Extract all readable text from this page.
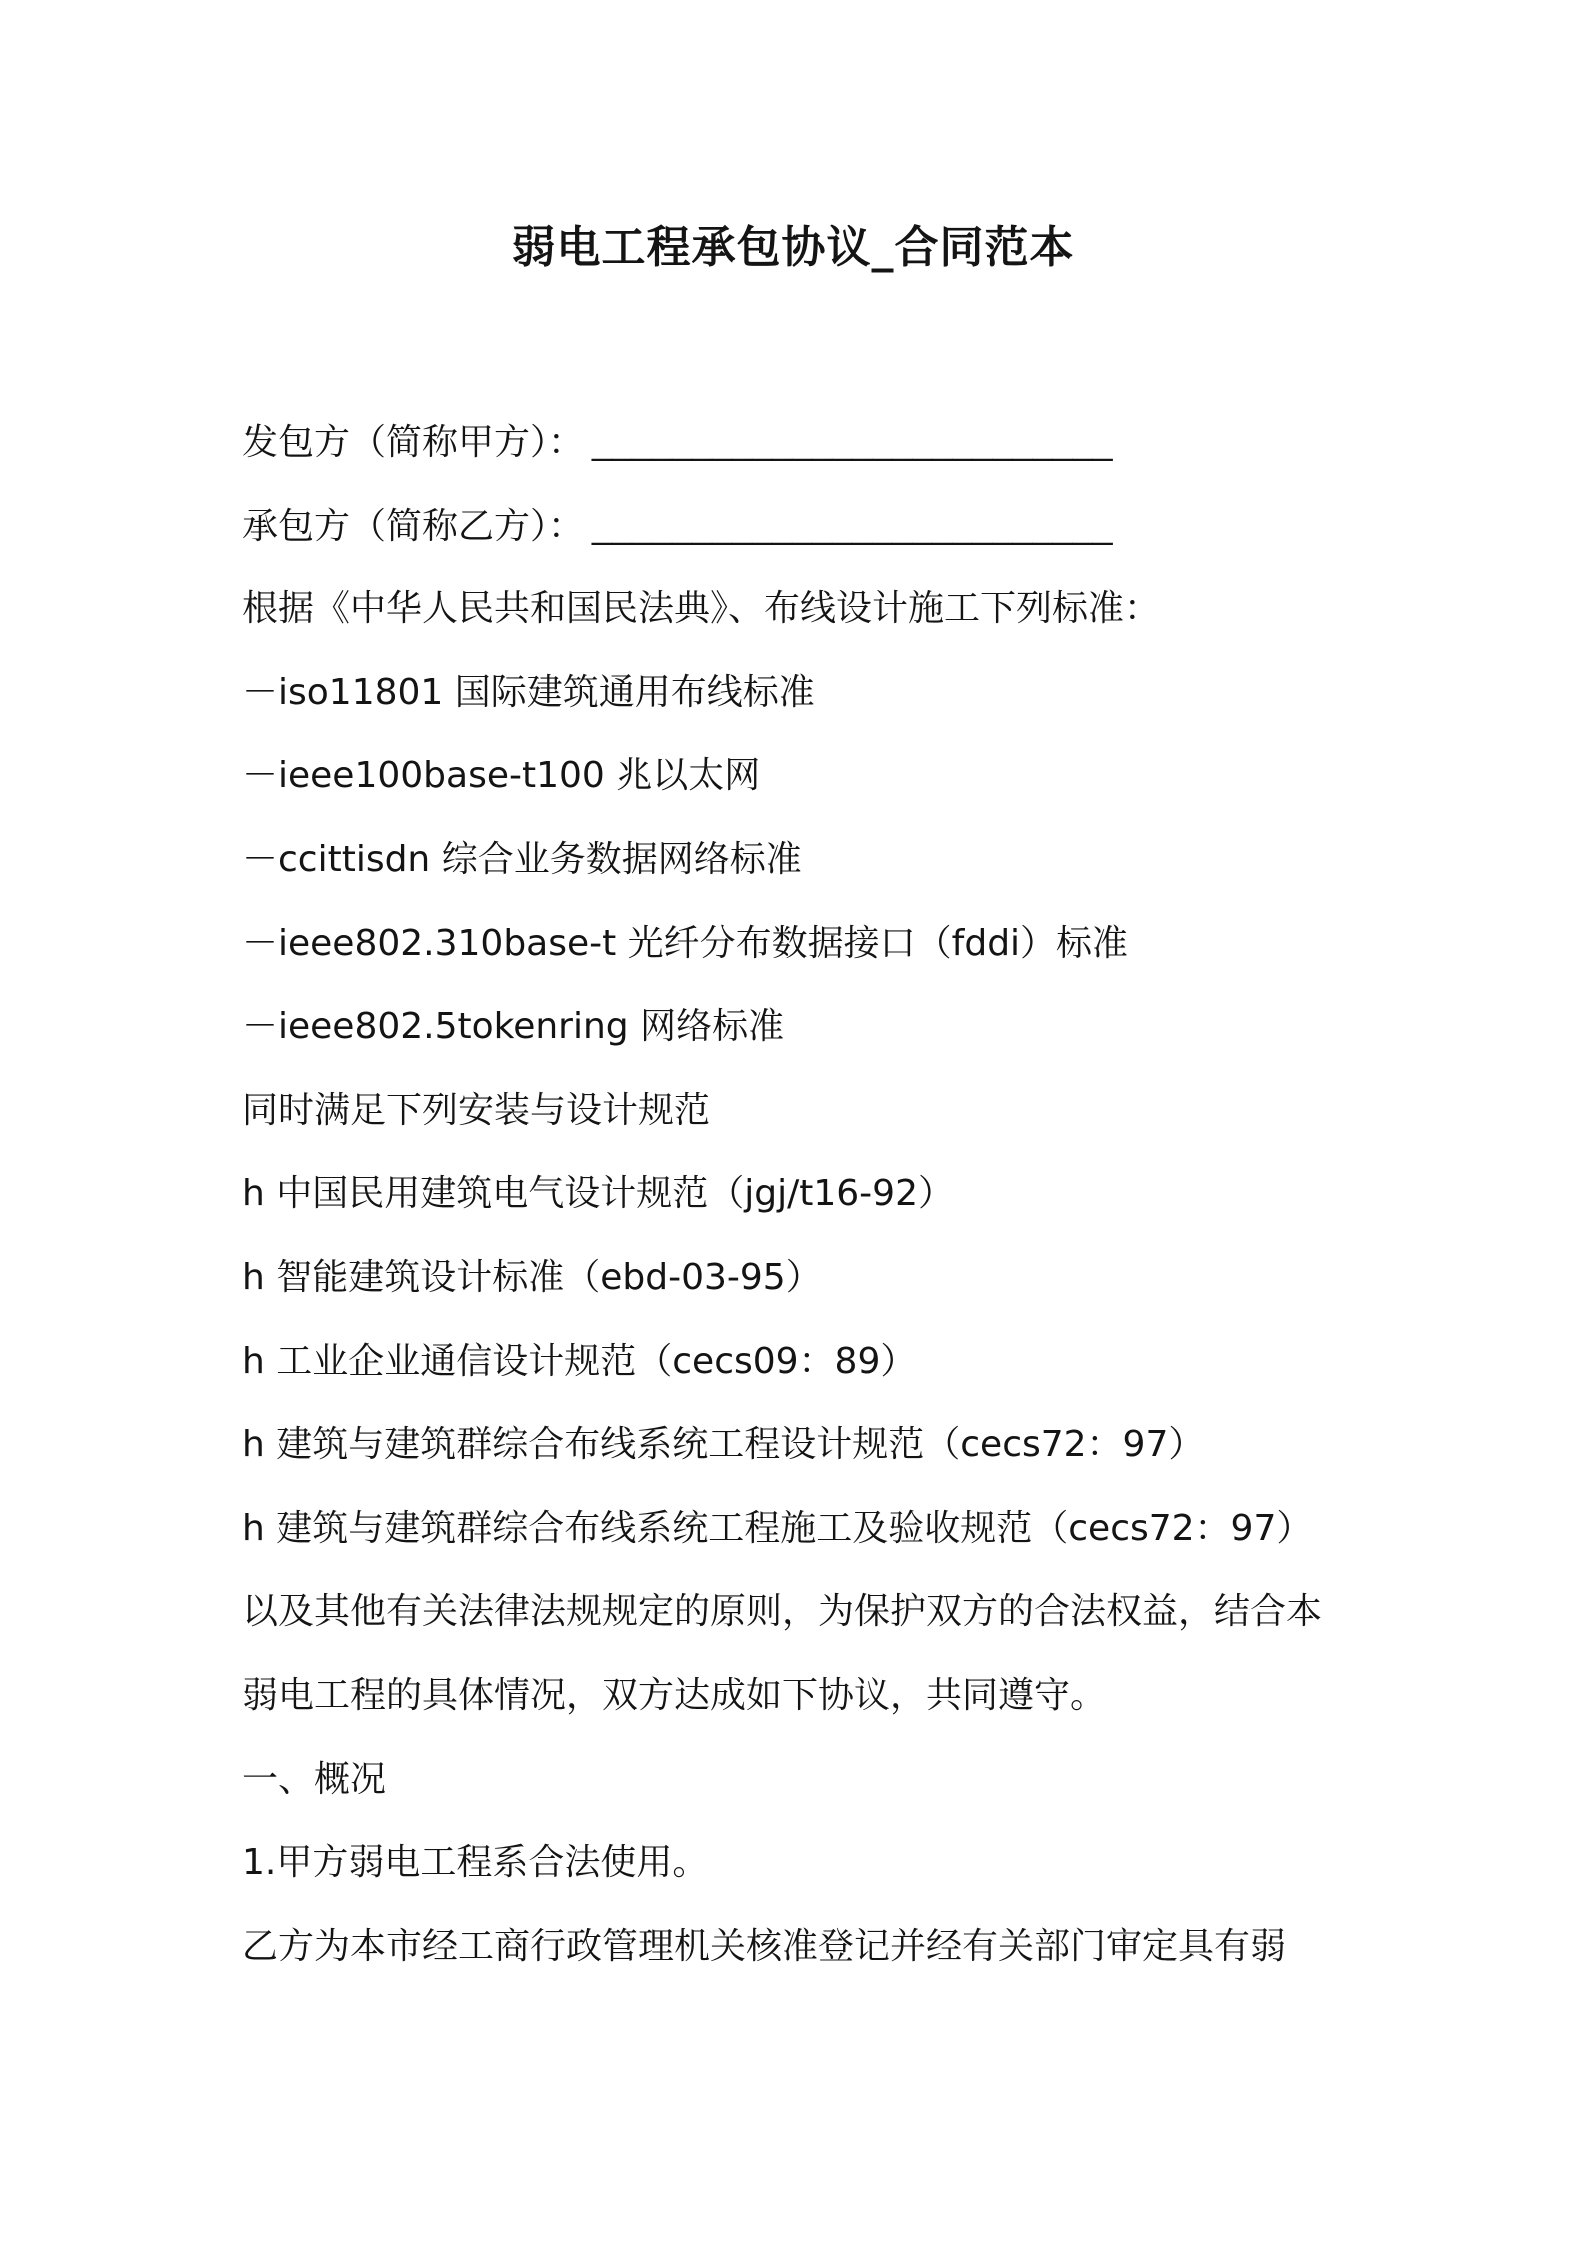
弱电工程承包协议_合同范本
发包方（简称甲方）： __________________________
承包方（简称乙方）： __________________________
根据《中华人民共和国民法典》、布线设计施工下列标准：
－iso11801 国际建筑通用布线标准
－ieee100base-t100 兆以太网
－ccittisdn 综合业务数据网络标准
－ieee802.310base-t 光纤分布数据接口（fddi）标准
－ieee802.5tokenring 网络标准
同时满足下列安装与设计规范
h 中国民用建筑电气设计规范（jgj/t16-92）
h 智能建筑设计标准（ebd-03-95）
h 工业企业通信设计规范（cecs09：89）
h 建筑与建筑群综合布线系统工程设计规范（cecs72：97）
h 建筑与建筑群综合布线系统工程施工及验收规范（cecs72：97）
以及其他有关法律法规规定的原则，为保护双方的合法权益，结合本
弱电工程的具体情况，双方达成如下协议，共同遵守。
一、概况
1.甲方弱电工程系合法使用。
乙方为本市经工商行政管理机关核准登记并经有关部门审定具有弱
